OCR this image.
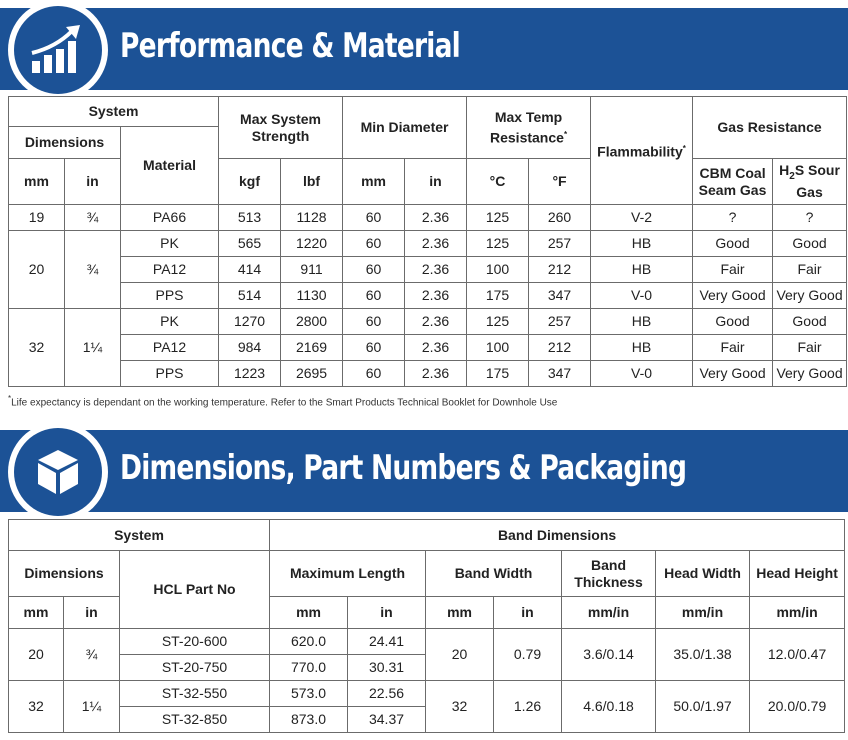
Performance & Material
System			Max System Strength		Min Diameter		Max Temp Resistance*		Flammability*	Gas Resistance	
Dimensions		Material									
mm	in		kgf	lbf	mm	in	°C	°F		CBM Coal Seam Gas	$H_2S$ Sour Gas
19	¾	PA66	513	1128	60	2.36	125	260	V-2	?	?
20	¾	PK	565	1220	60	2.36	125	257	HB	Good	Good
		PA12	414	911	60	2.36	100	212	HB	Fair	Fair
		PPS	514	1130	60	2.36	175	347	V-0	Very Good	Very Good
32	1¼	PK	1270	2800	60	2.36	125	257	HB	Good	Good
		PA12	984	2169	60	2.36	100	212	HB	Fair	Fair
		PPS	1223	2695	60	2.36	175	347	V-0	Very Good	Very Good
*Life expectancy is dependant on the working temperature. Refer to the Smart Products Technical Booklet for Downhole Use
Dimensions, Part Numbers & Packaging
System			Band Dimensions						
Dimensions		HCL Part No	Maximum Length		Band Width		Band Thickness	Head Width	Head Height
mm	in		mm	in	mm	in	mm/in	mm/in	mm/in
20	¾	ST-20-600	620.0	24.41	20	0.79	3.6/0.14	35.0/1.38	12.0/0.47
		ST-20-750	770.0	30.31					
32	1¼	ST-32-550	573.0	22.56	32	1.26	4.6/0.18	50.0/1.97	20.0/0.79
		ST-32-850	873.0	34.37					
